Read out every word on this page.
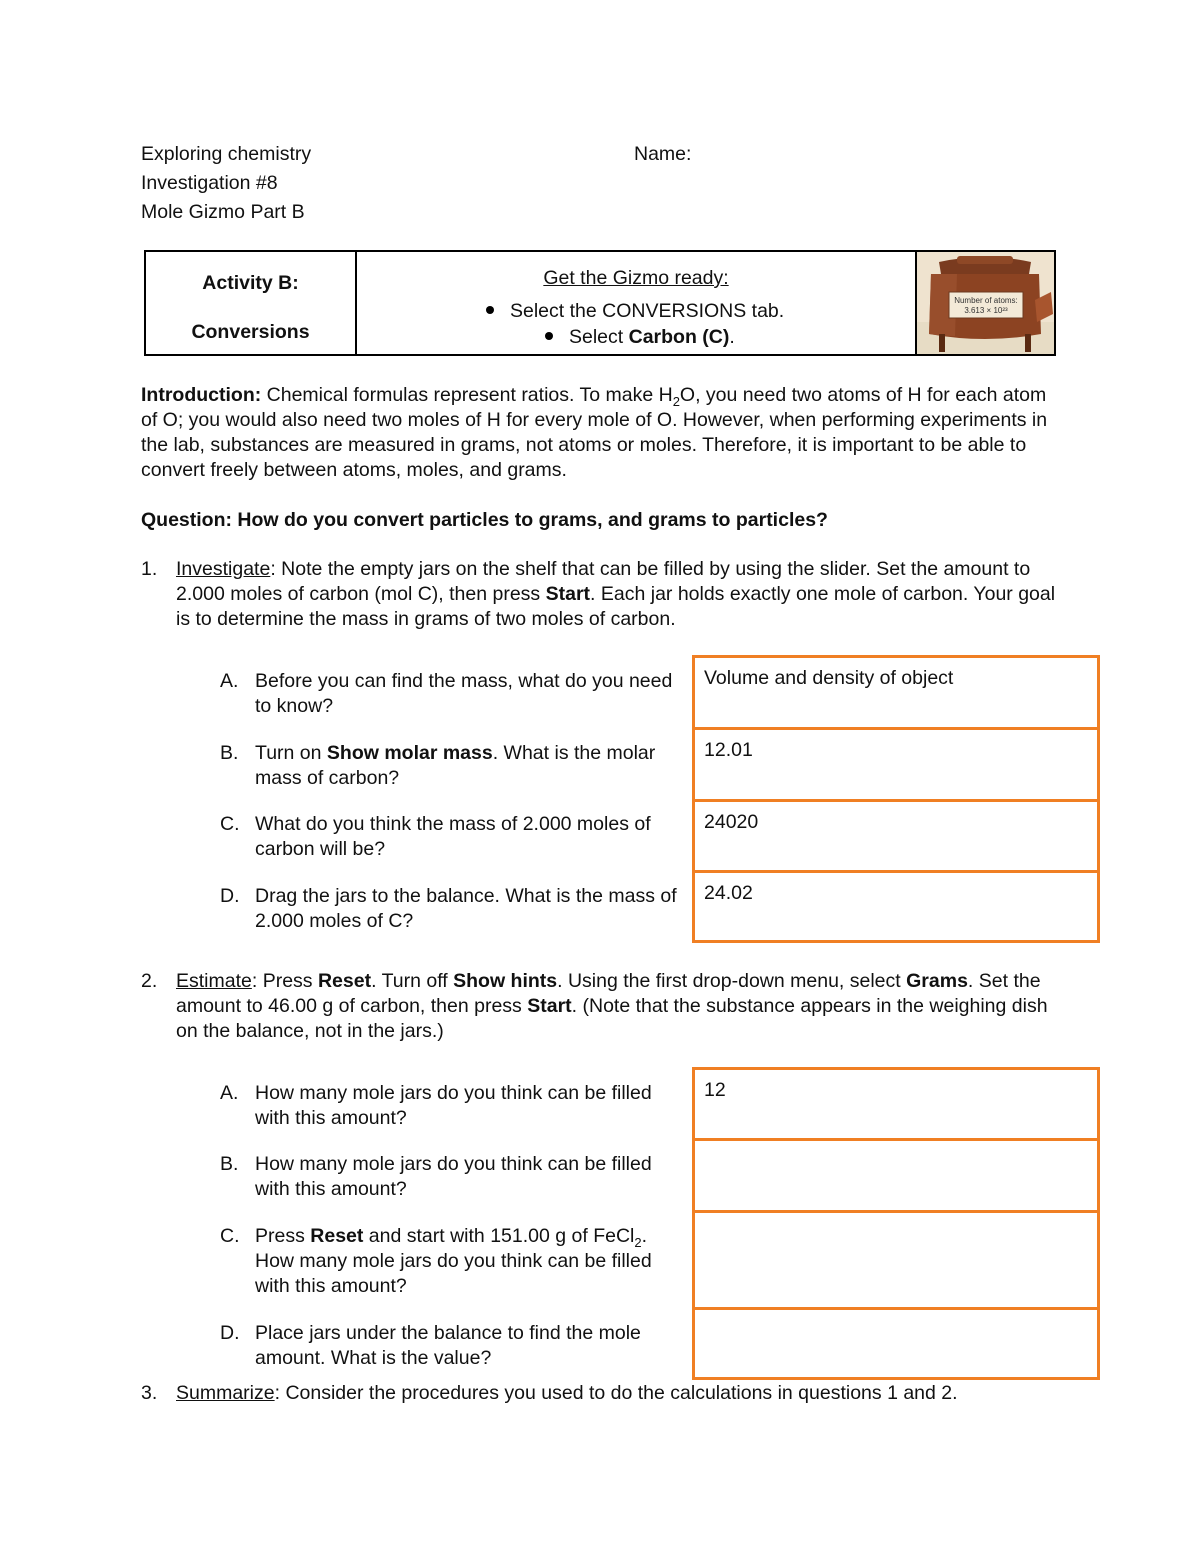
Exploring chemistry
Investigation #8
Mole Gizmo Part B
Name:
Activity B:
Conversions
Get the Gizmo ready:
Select the CONVERSIONS tab.
Select Carbon (C).
Number of atoms:
3.613 × 10²³
Introduction: Chemical formulas represent ratios. To make $H_2O$, you need two atoms of H for each atom of O; you would also need two moles of H for every mole of O. However, when performing experiments in the lab, substances are measured in grams, not atoms or moles. Therefore, it is important to be able to convert freely between atoms, moles, and grams.
Question: How do you convert particles to grams, and grams to particles?
1. Investigate: Note the empty jars on the shelf that can be filled by using the slider. Set the amount to 2.000 moles of carbon (mol C), then press Start. Each jar holds exactly one mole of carbon. Your goal is to determine the mass in grams of two moles of carbon.
A. Before you can find the mass, what do you need to know?
B. Turn on Show molar mass. What is the molar mass of carbon?
C. What do you think the mass of 2.000 moles of carbon will be?
D. Drag the jars to the balance. What is the mass of 2.000 moles of C?
Volume and density of object
12.01
24020
24.02
2. Estimate: Press Reset. Turn off Show hints. Using the first drop-down menu, select Grams. Set the amount to 46.00 g of carbon, then press Start. (Note that the substance appears in the weighing dish on the balance, not in the jars.)
A. How many mole jars do you think can be filled with this amount?
B. How many mole jars do you think can be filled with this amount?
C. Press Reset and start with 151.00 g of FeCl$_2$. How many mole jars do you think can be filled with this amount?
D. Place jars under the balance to find the mole amount. What is the value?
12
3. Summarize: Consider the procedures you used to do the calculations in questions 1 and 2.
